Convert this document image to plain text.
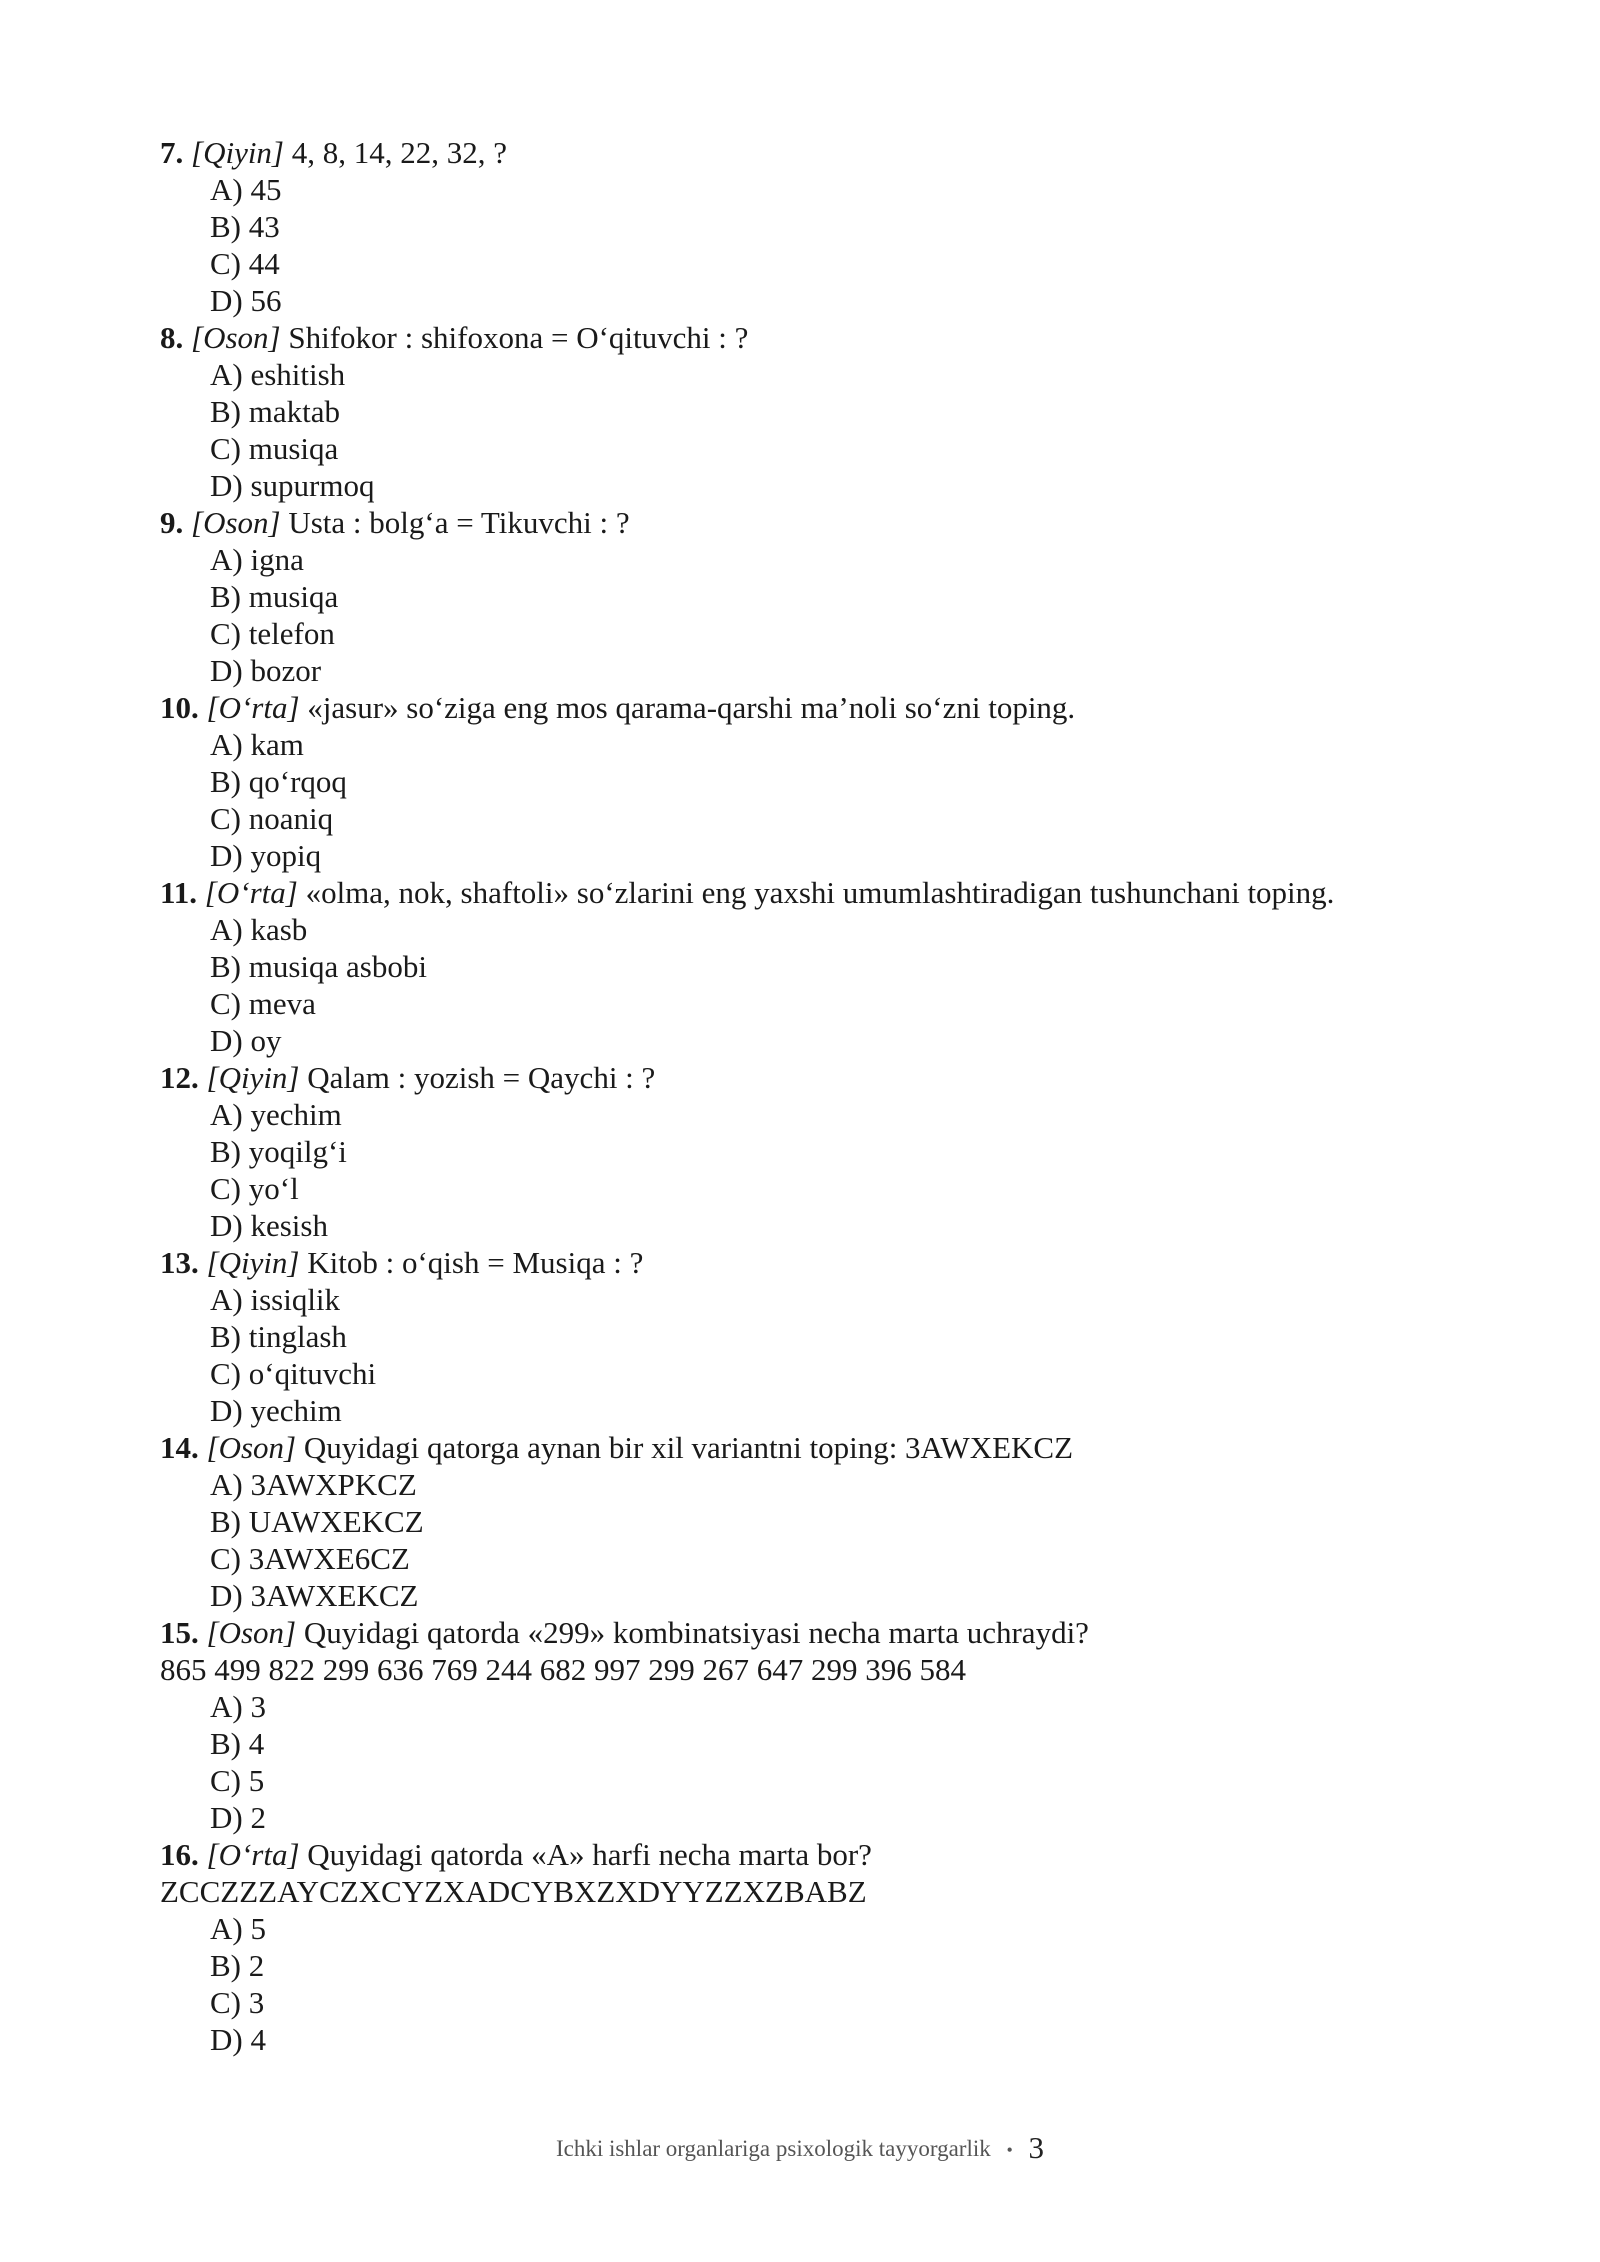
7. [Qiyin] 4, 8, 14, 22, 32, ?

A) 45

B) 43

C) 44

D) 56

8. [Oson] Shifokor : shifoxona = O‘qituvchi : ?

A) eshitish

B) maktab

C) musiqa

D) supurmoq

9. [Oson] Usta : bolg‘a = Tikuvchi : ?

A) igna

B) musiqa

C) telefon

D) bozor

10. [O‘rta] «jasur» so‘ziga eng mos qarama-qarshi ma’noli so‘zni toping.

A) kam

B) qo‘rqoq

C) noaniq

D) yopiq

11. [O‘rta] «olma, nok, shaftoli» so‘zlarini eng yaxshi umumlashtiradigan tushunchani toping.

A) kasb

B) musiqa asbobi

C) meva

D) oy

12. [Qiyin] Qalam : yozish = Qaychi : ?

A) yechim

B) yoqilg‘i

C) yo‘l

D) kesish

13. [Qiyin] Kitob : o‘qish = Musiqa : ?

A) issiqlik

B) tinglash

C) o‘qituvchi

D) yechim

14. [Oson] Quyidagi qatorga aynan bir xil variantni toping: 3AWXEKCZ

A) 3AWXPKCZ

B) UAWXEKCZ

C) 3AWXE6CZ

D) 3AWXEKCZ

15. [Oson] Quyidagi qatorda «299» kombinatsiyasi necha marta uchraydi?

865 499 822 299 636 769 244 682 997 299 267 647 299 396 584

A) 3

B) 4

C) 5

D) 2

16. [O‘rta] Quyidagi qatorda «A» harfi necha marta bor?

ZCCZZZAYCZXCYZXADCYBXZXDYYZZXZBABZ

A) 5

B) 2

C) 3

D) 4

Ichki ishlar organlariga psixologik tayyorgarlik • 3
